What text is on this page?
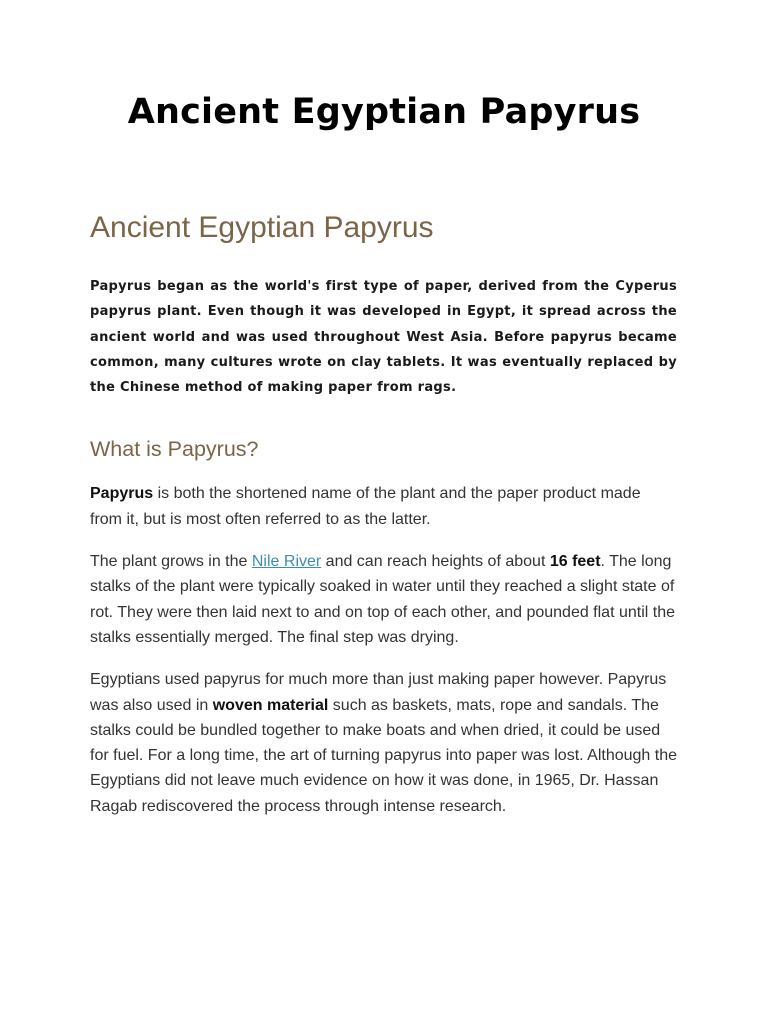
Ancient Egyptian Papyrus
Ancient Egyptian Papyrus

Papyrus began as the world's first type of paper, derived from the Cyperus papyrus plant. Even though it was developed in Egypt, it spread across the ancient world and was used throughout West Asia. Before papyrus became common, many cultures wrote on clay tablets. It was eventually replaced by the Chinese method of making paper from rags.

What is Papyrus?

Papyrus is both the shortened name of the plant and the paper product made from it, but is most often referred to as the latter.

The plant grows in the Nile River and can reach heights of about 16 feet. The long stalks of the plant were typically soaked in water until they reached a slight state of rot. They were then laid next to and on top of each other, and pounded flat until the stalks essentially merged. The final step was drying.

Egyptians used papyrus for much more than just making paper however. Papyrus was also used in woven material such as baskets, mats, rope and sandals. The stalks could be bundled together to make boats and when dried, it could be used for fuel. For a long time, the art of turning papyrus into paper was lost. Although the Egyptians did not leave much evidence on how it was done, in 1965, Dr. Hassan Ragab rediscovered the process through intense research.
